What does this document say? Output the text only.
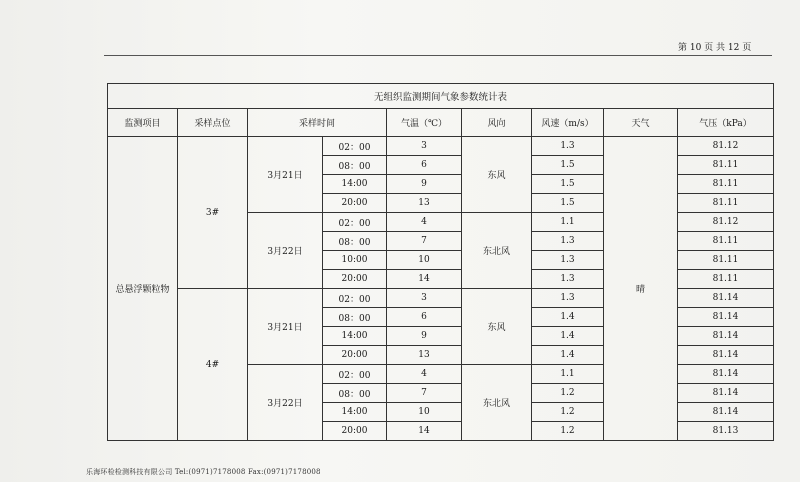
第 10 页 共 12 页
无组织监测期间气象参数统计表								
监测项目	采样点位	采样时间		气温（℃）	风向	风速（m/s）	天气	气压（kPa）
总悬浮颗粒物	3#	3月21日	02：00	3	东风	1.3	晴	81.12
			08：00	6		1.5		81.11
			14:00	9		1.5		81.11
			20:00	13		1.5		81.11
		3月22日	02：00	4	东北风	1.1		81.12
			08：00	7		1.3		81.11
			10:00	10		1.3		81.11
			20:00	14		1.3		81.11
	4#	3月21日	02：00	3	东风	1.3		81.14
			08：00	6		1.4		81.14
			14:00	9		1.4		81.14
			20:00	13		1.4		81.14
		3月22日	02：00	4	东北风	1.1		81.14
			08：00	7		1.2		81.14
			14:00	10		1.2		81.14
			20:00	14		1.2		81.13
乐海环检检测科技有限公司 Tel:(0971)7178008 Fax:(0971)7178008
